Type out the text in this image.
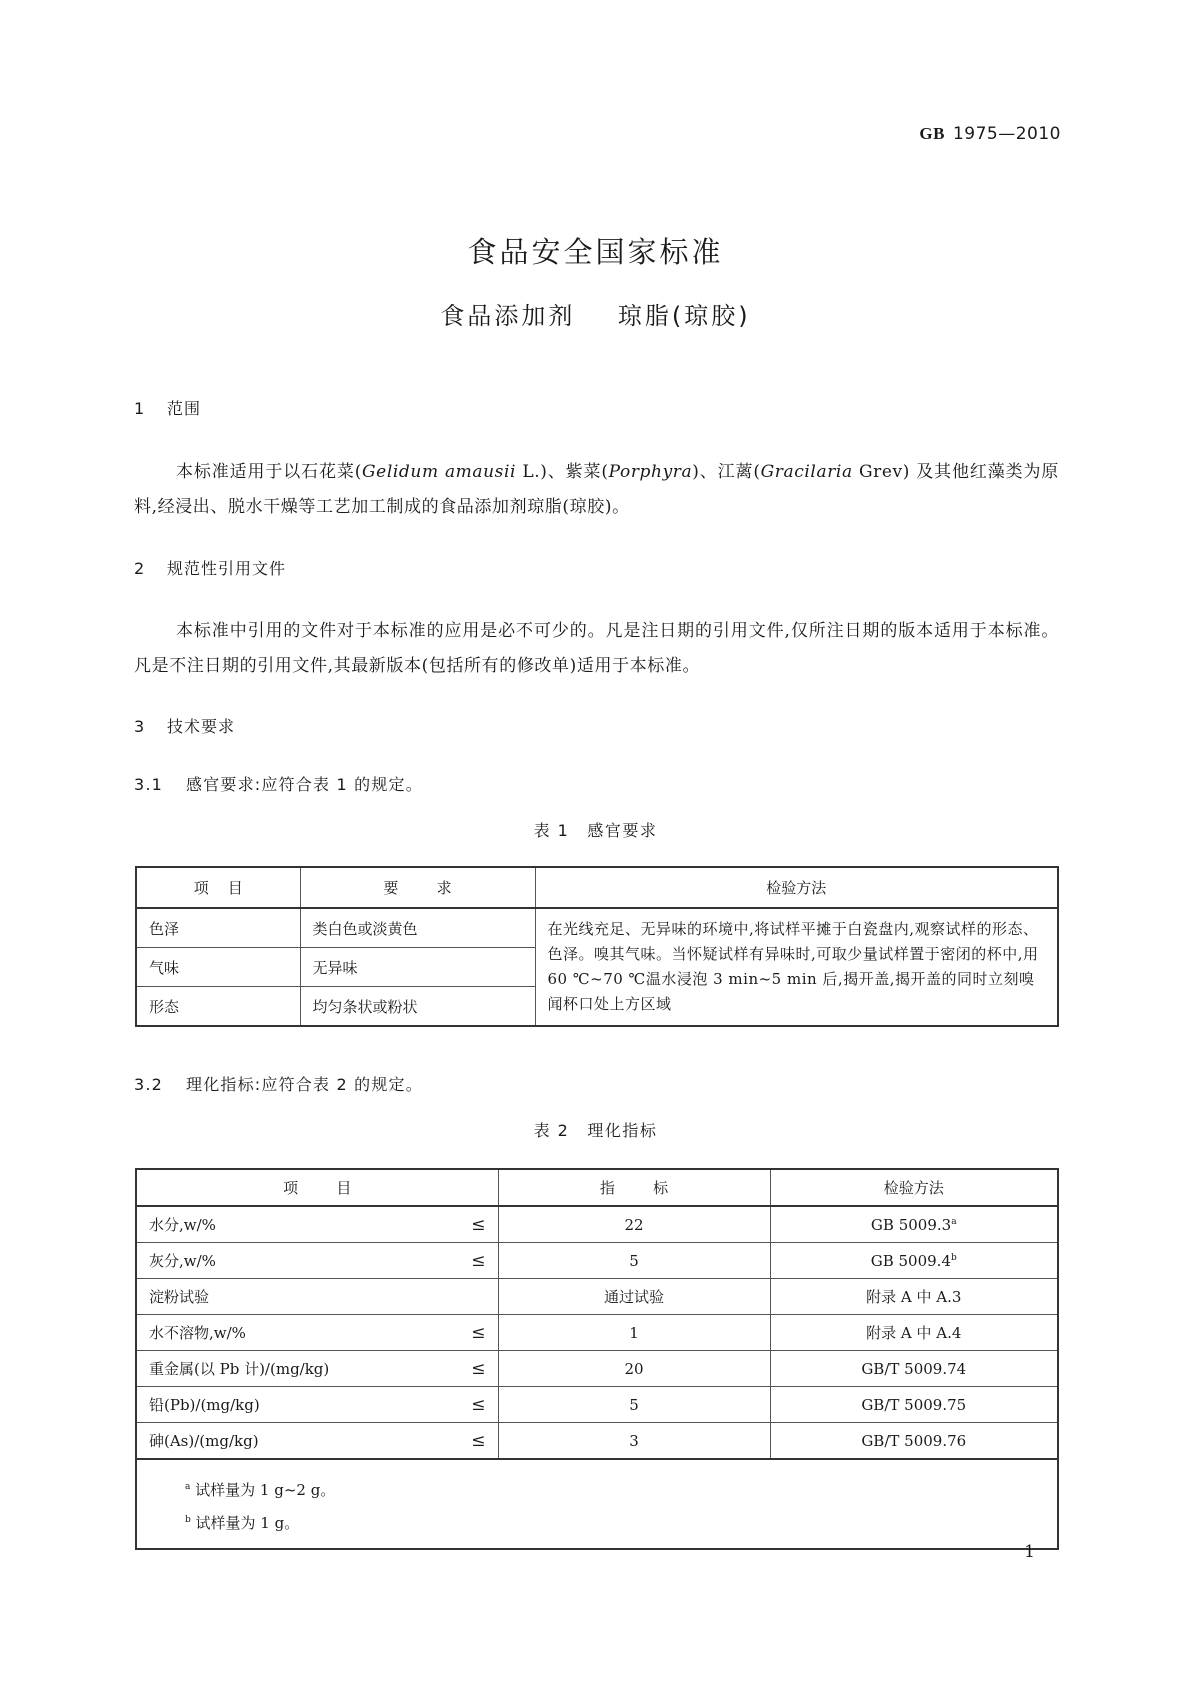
GB 1975—2010
食品安全国家标准
食品添加剂    琼脂(琼胶)
1 范围
本标准适用于以石花菜(Gelidum amausii L.)、紫菜(Porphyra)、江蓠(Gracilaria Grev) 及其他红藻类为原料,经浸出、脱水干燥等工艺加工制成的食品添加剂琼脂(琼胶)。
2 规范性引用文件
本标准中引用的文件对于本标准的应用是必不可少的。凡是注日期的引用文件,仅所注日期的版本适用于本标准。凡是不注日期的引用文件,其最新版本(包括所有的修改单)适用于本标准。
3 技术要求
3.1 感官要求:应符合表 1 的规定。
表 1 感官要求
项    目	要        求	检验方法
色泽	类白色或淡黄色	在光线充足、无异味的环境中,将试样平摊于白瓷盘内,观察试样的形态、色泽。嗅其气味。当怀疑试样有异味时,可取少量试样置于密闭的杯中,用 60 ℃~70 ℃温水浸泡 3 min~5 min 后,揭开盖,揭开盖的同时立刻嗅闻杯口处上方区域
气味	无异味	
形态	均匀条状或粉状	
3.2 理化指标:应符合表 2 的规定。
表 2 理化指标
项        目	指        标	检验方法
水分,w/% ≤	22	GB 5009.3$^a$
灰分,w/% ≤	5	GB 5009.4$^b$
淀粉试验	通过试验	附录 A 中 A.3
水不溶物,w/% ≤	1	附录 A 中 A.4
重金属(以 Pb 计)/(mg/kg) ≤	20	GB/T 5009.74
铅(Pb)/(mg/kg) ≤	5	GB/T 5009.75
砷(As)/(mg/kg) ≤	3	GB/T 5009.76

$^a$ 试样量为 1 g~2 g。
$^b$ 试样量为 1 g。		
1
